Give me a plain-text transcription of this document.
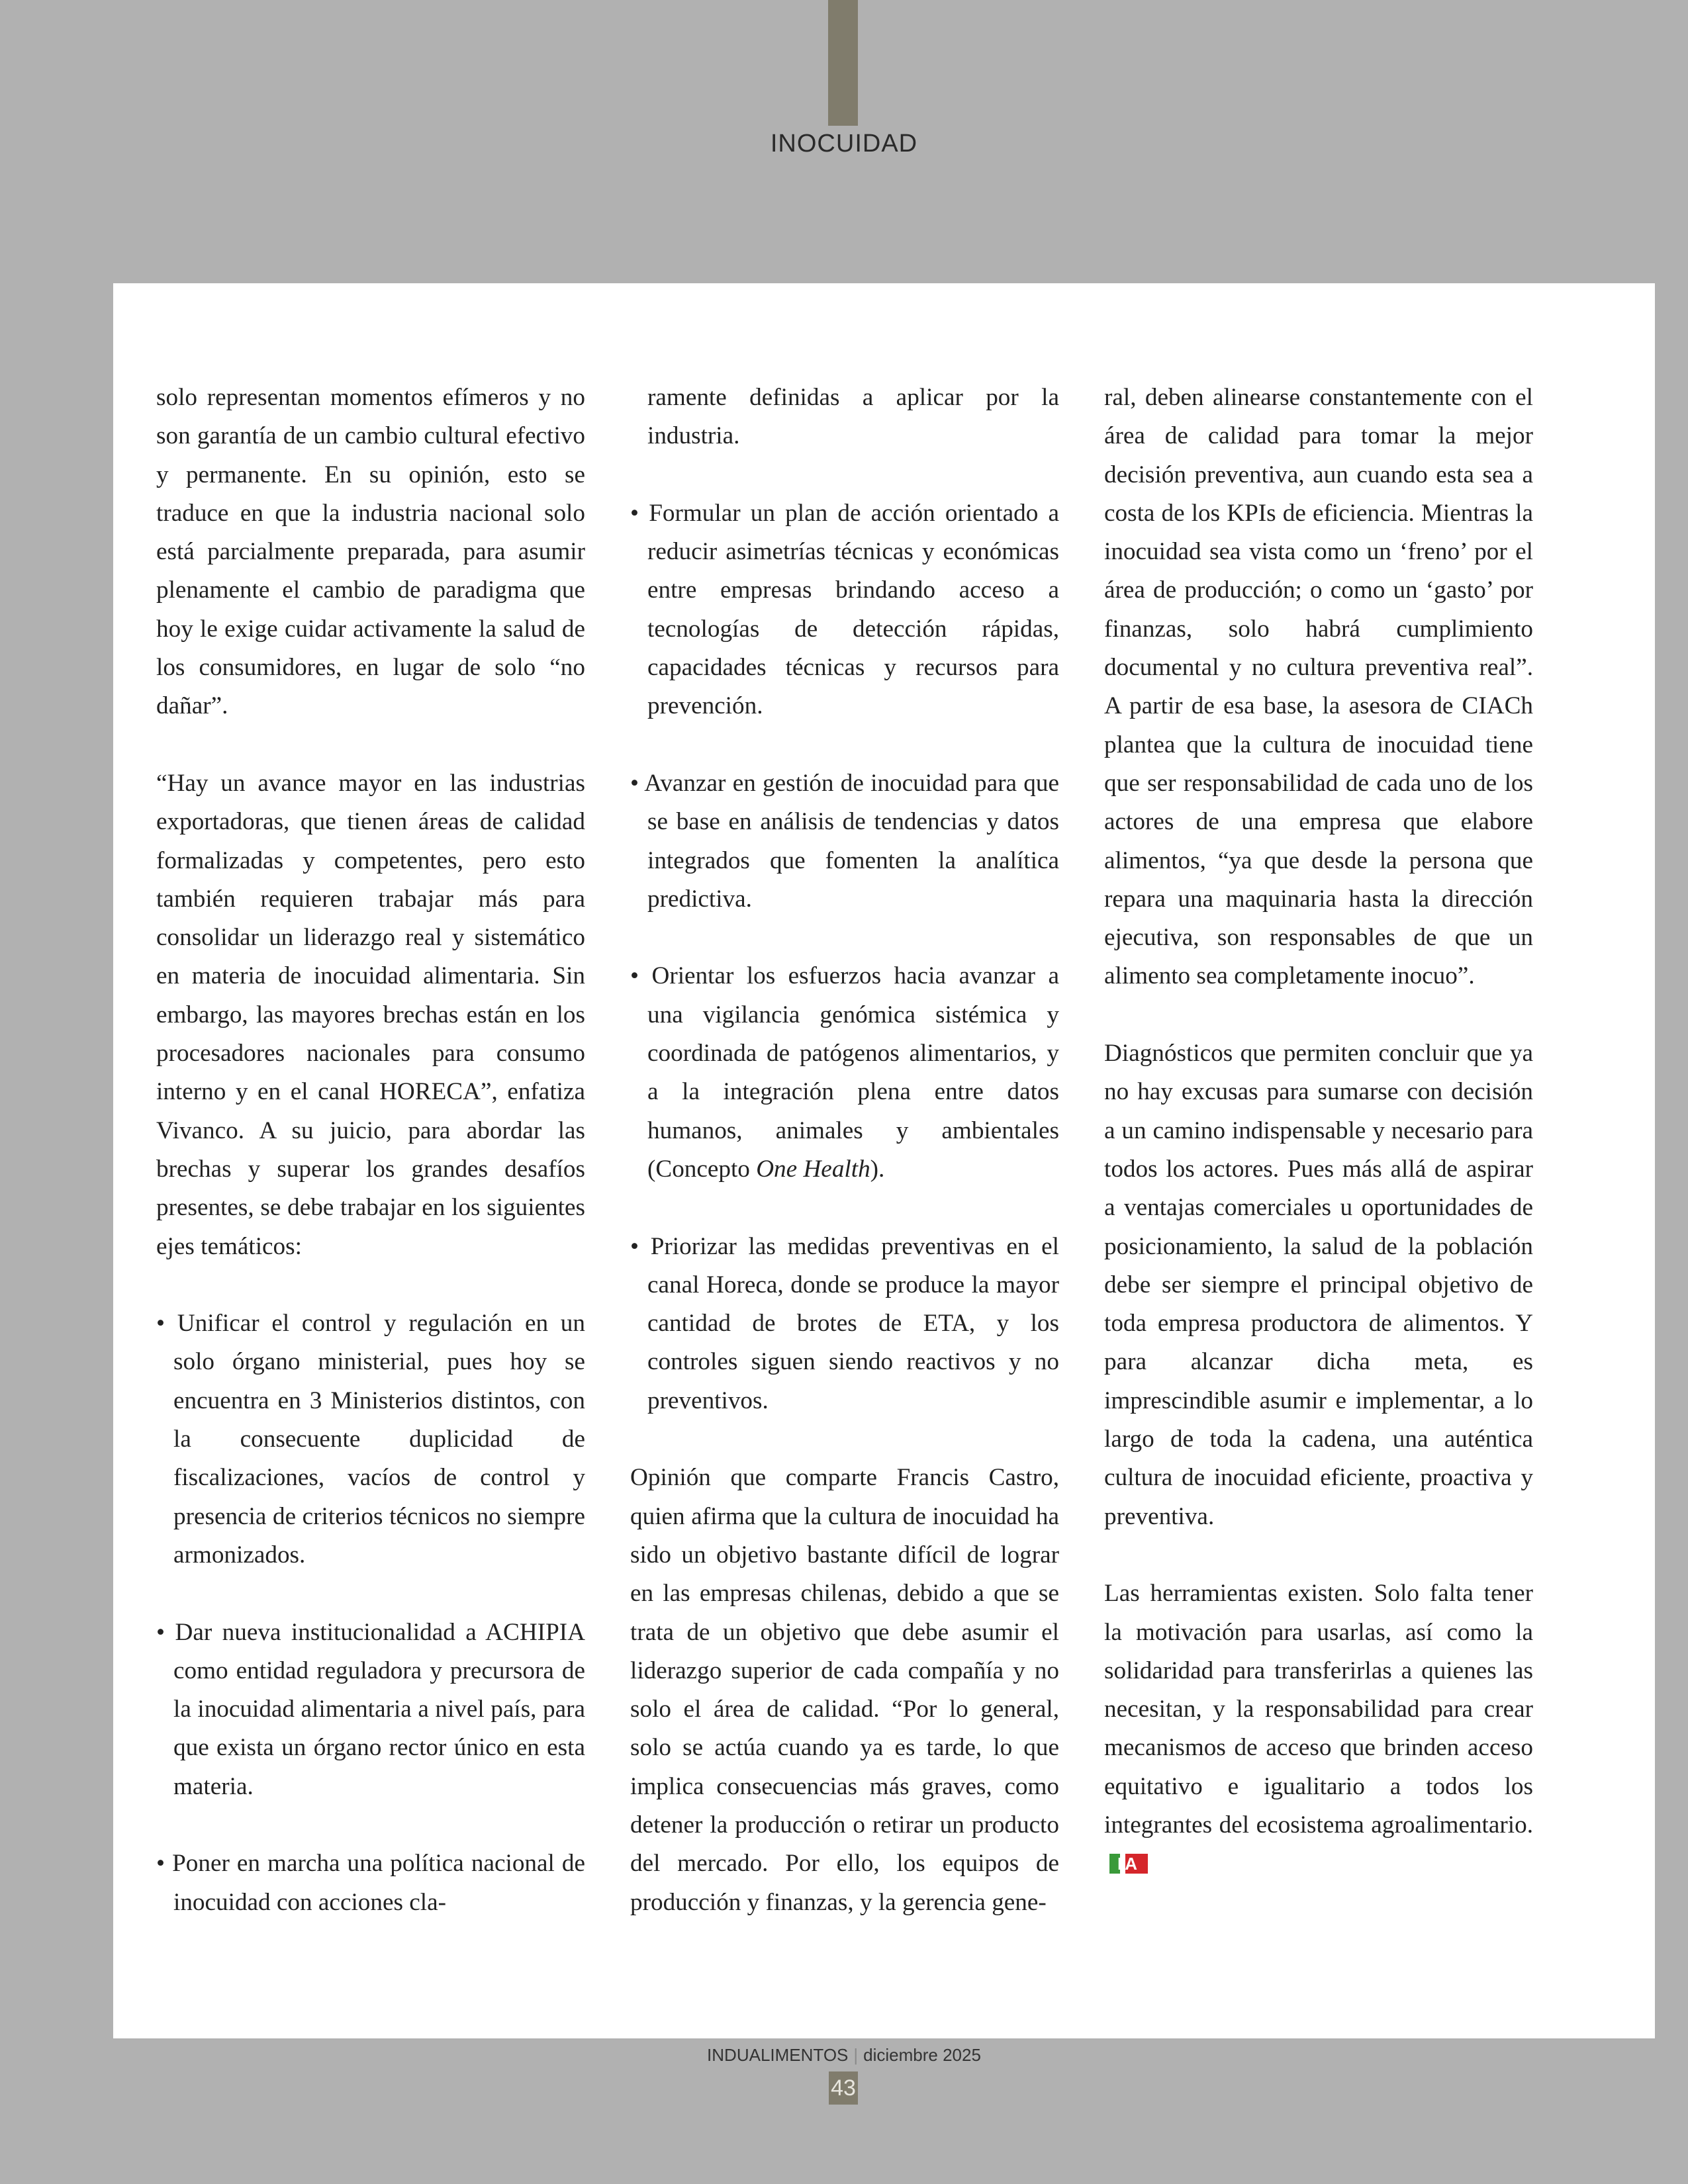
INOCUIDAD

solo representan momentos efímeros y no son garantía de un cambio cultural efectivo y permanente. En su opinión, esto se traduce en que la industria nacional solo está parcialmente preparada, para asumir plenamente el cambio de paradigma que hoy le exige cuidar activamente la salud de los consumidores, en lugar de solo “no dañar”.

“Hay un avance mayor en las industrias exportadoras, que tienen áreas de calidad formalizadas y competentes, pero esto también requieren trabajar más para consolidar un liderazgo real y sistemático en materia de inocuidad alimentaria. Sin embargo, las mayores brechas están en los procesadores nacionales para consumo interno y en el canal HORECA”, enfatiza Vivanco. A su juicio, para abordar las brechas y superar los grandes desafíos presentes, se debe trabajar en los siguientes ejes temáticos:

• Unificar el control y regulación en un solo órgano ministerial, pues hoy se encuentra en 3 Ministerios distintos, con la consecuente duplicidad de fiscalizaciones, vacíos de control y presencia de criterios técnicos no siempre armonizados.

• Dar nueva institucionalidad a ACHIPIA como entidad reguladora y precursora de la inocuidad alimentaria a nivel país, para que exista un órgano rector único en esta materia.

• Poner en marcha una política nacional de inocuidad con acciones cla-

ramente definidas a aplicar por la industria.

• Formular un plan de acción orientado a reducir asimetrías técnicas y económicas entre empresas brindando acceso a tecnologías de detección rápidas, capacidades técnicas y recursos para prevención.

• Avanzar en gestión de inocuidad para que se base en análisis de tendencias y datos integrados que fomenten la analítica predictiva.

• Orientar los esfuerzos hacia avanzar a una vigilancia genómica sistémica y coordinada de patógenos alimentarios, y a la integración plena entre datos humanos, animales y ambientales (Concepto One Health).

• Priorizar las medidas preventivas en el canal Horeca, donde se produce la mayor cantidad de brotes de ETA, y los controles siguen siendo reactivos y no preventivos.

Opinión que comparte Francis Castro, quien afirma que la cultura de inocuidad ha sido un objetivo bastante difícil de lograr en las empresas chilenas, debido a que se trata de un objetivo que debe asumir el liderazgo superior de cada compañía y no solo el área de calidad. “Por lo general, solo se actúa cuando ya es tarde, lo que implica consecuencias más graves, como detener la producción o retirar un producto del mercado. Por ello, los equipos de producción y finanzas, y la gerencia gene-

ral, deben alinearse constantemente con el área de calidad para tomar la mejor decisión preventiva, aun cuando esta sea a costa de los KPIs de eficiencia. Mientras la inocuidad sea vista como un ‘freno’ por el área de producción; o como un ‘gasto’ por finanzas, solo habrá cumplimiento documental y no cultura preventiva real”. A partir de esa base, la asesora de CIACh plantea que la cultura de inocuidad tiene que ser responsabilidad de cada uno de los actores de una empresa que elabore alimentos, “ya que desde la persona que repara una maquinaria hasta la dirección ejecutiva, son responsables de que un alimento sea completamente inocuo”.

Diagnósticos que permiten concluir que ya no hay excusas para sumarse con decisión a un camino indispensable y necesario para todos los actores. Pues más allá de aspirar a ventajas comerciales u oportunidades de posicionamiento, la salud de la población debe ser siempre el principal objetivo de toda empresa productora de alimentos. Y para alcanzar dicha meta, es imprescindible asumir e implementar, a lo largo de toda la cadena, una auténtica cultura de inocuidad eficiente, proactiva y preventiva.

Las herramientas existen. Solo falta tener la motivación para usarlas, así como la solidaridad para transferirlas a quienes las necesitan, y la responsabilidad para crear mecanismos de acceso que brinden acceso equitativo e igualitario a todos los integrantes del ecosistema agroalimentario.
IA

INDUALIMENTOS | diciembre 2025
43
